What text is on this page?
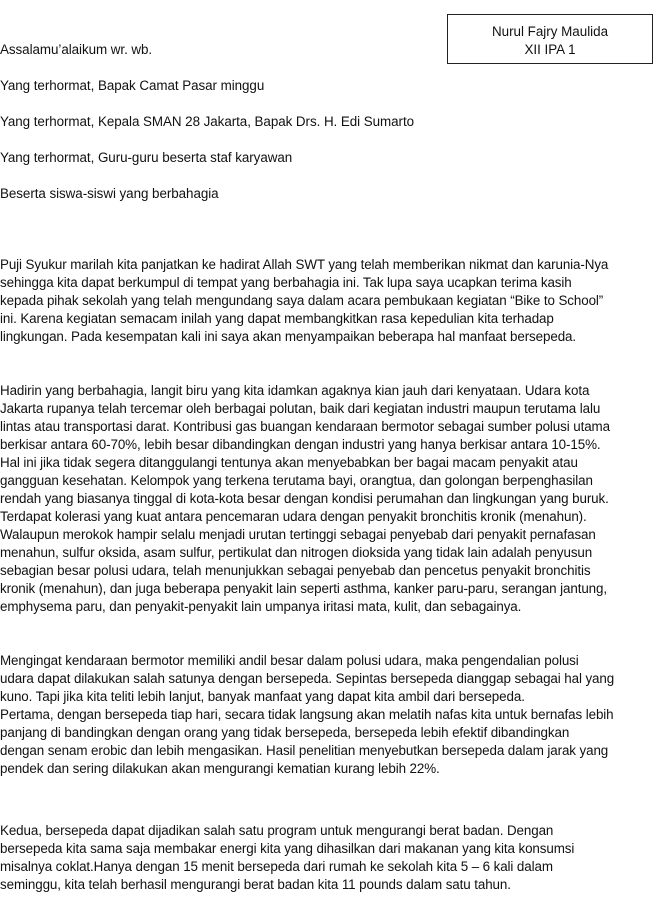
Nurul Fajry Maulida
XII IPA 1
Assalamu’alaikum wr. wb.
Yang terhormat, Bapak Camat Pasar minggu
Yang terhormat, Kepala SMAN 28 Jakarta, Bapak Drs. H. Edi Sumarto
Yang terhormat, Guru-guru beserta staf karyawan
Beserta siswa-siswi yang berbahagia
Puji Syukur marilah kita panjatkan ke hadirat Allah SWT yang telah memberikan nikmat dan karunia-Nya
sehingga kita dapat berkumpul di tempat yang berbahagia ini. Tak lupa saya ucapkan terima kasih
kepada pihak sekolah yang telah mengundang saya dalam acara pembukaan kegiatan “Bike to School”
ini. Karena kegiatan semacam inilah yang dapat membangkitkan rasa kepedulian kita terhadap
lingkungan. Pada kesempatan kali ini saya akan menyampaikan beberapa hal manfaat bersepeda.
Hadirin yang berbahagia, langit biru yang kita idamkan agaknya kian jauh dari kenyataan. Udara kota
Jakarta rupanya telah tercemar oleh berbagai polutan, baik dari kegiatan industri maupun terutama lalu
lintas atau transportasi darat. Kontribusi gas buangan kendaraan bermotor sebagai sumber polusi utama
berkisar antara 60-70%, lebih besar dibandingkan dengan industri yang hanya berkisar antara 10-15%.
Hal ini jika tidak segera ditanggulangi tentunya akan menyebabkan ber bagai macam penyakit atau
gangguan kesehatan. Kelompok yang terkena terutama bayi, orangtua, dan golongan berpenghasilan
rendah yang biasanya tinggal di kota-kota besar dengan kondisi perumahan dan lingkungan yang buruk.
Terdapat kolerasi yang kuat antara pencemaran udara dengan penyakit bronchitis kronik (menahun).
Walaupun merokok hampir selalu menjadi urutan tertinggi sebagai penyebab dari penyakit pernafasan
menahun, sulfur oksida, asam sulfur, pertikulat dan nitrogen dioksida yang tidak lain adalah penyusun
sebagian besar polusi udara, telah menunjukkan sebagai penyebab dan pencetus penyakit bronchitis
kronik (menahun), dan juga beberapa penyakit lain seperti asthma, kanker paru-paru, serangan jantung,
emphysema paru, dan penyakit-penyakit lain umpanya iritasi mata, kulit, dan sebagainya.
Mengingat kendaraan bermotor memiliki andil besar dalam polusi udara, maka pengendalian polusi
udara dapat dilakukan salah satunya dengan bersepeda. Sepintas bersepeda dianggap sebagai hal yang
kuno. Tapi jika kita teliti lebih lanjut, banyak manfaat yang dapat kita ambil dari bersepeda.
Pertama, dengan bersepeda tiap hari, secara tidak langsung akan melatih nafas kita untuk bernafas lebih
panjang di bandingkan dengan orang yang tidak bersepeda, bersepeda lebih efektif dibandingkan
dengan senam erobic dan lebih mengasikan. Hasil penelitian menyebutkan bersepeda dalam jarak yang
pendek dan sering dilakukan akan mengurangi kematian kurang lebih 22%.
Kedua, bersepeda dapat dijadikan salah satu program untuk mengurangi berat badan. Dengan
bersepeda kita sama saja membakar energi kita yang dihasilkan dari makanan yang kita konsumsi
misalnya coklat.Hanya dengan 15 menit bersepeda dari rumah ke sekolah kita 5 – 6 kali dalam
seminggu, kita telah berhasil mengurangi berat badan kita 11 pounds dalam satu tahun.
